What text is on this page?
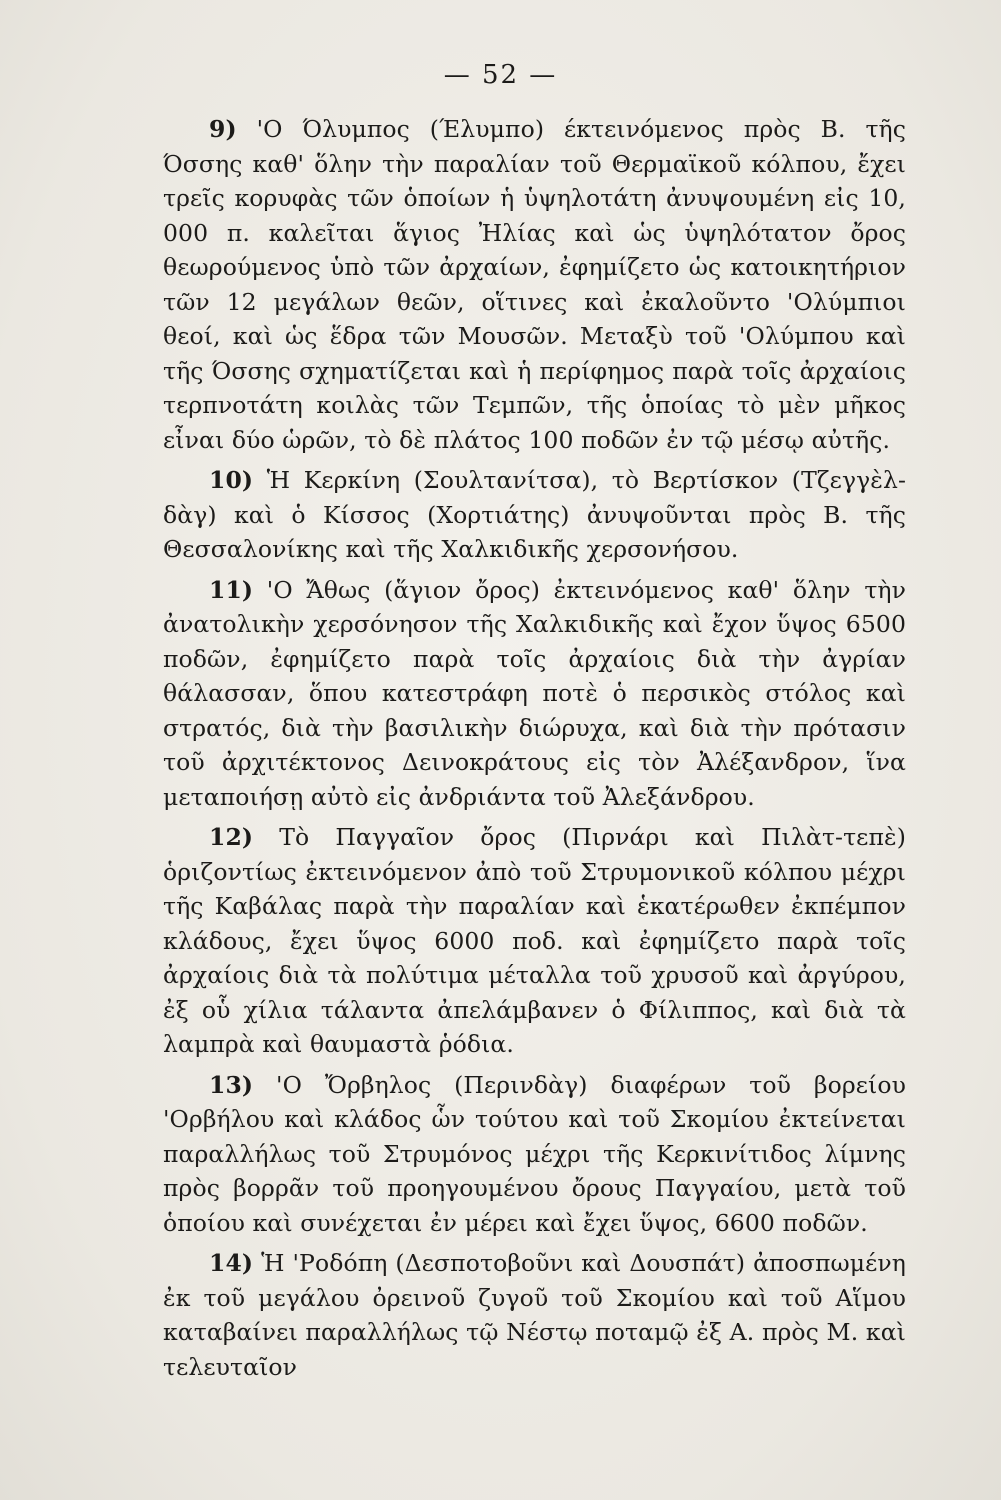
— 52 —

9) 'Ο Όλυμπος (Έλυμπο) έκτεινόμενος πρὸς Β. τῆς Όσσης καθ' ὅλην τὴν παραλίαν τοῦ Θερμαϊκοῦ κόλπου, ἔχει τρεῖς κορυφὰς τῶν ὁποίων ἡ ὑψηλοτάτη ἀνυψουμένη εἰς 10, 000 π. καλεῖται ἅγιος Ἠλίας καὶ ὡς ὑψηλότατον ὄρος θεωρούμενος ὑπὸ τῶν ἀρχαίων, ἐφημίζετο ὡς κατοικητήριον τῶν 12 μεγάλων θεῶν, οἵτινες καὶ ἐκαλοῦντο 'Ολύμπιοι θεοί, καὶ ὡς ἕδρα τῶν Μουσῶν. Μεταξὺ τοῦ 'Ολύμπου καὶ τῆς Όσσης σχηματίζεται καὶ ἡ περίφημος παρὰ τοῖς ἀρχαίοις τερπνοτάτη κοιλὰς τῶν Τεμπῶν, τῆς ὁποίας τὸ μὲν μῆκος εἶναι δύο ὡρῶν, τὸ δὲ πλάτος 100 ποδῶν ἐν τῷ μέσῳ αὐτῆς.

10) Ἡ Κερκίνη (Σουλτανίτσα), τὸ Βερτίσκον (Τζεγγὲλ-δὰγ) καὶ ὁ Κίσσος (Χορτιάτης) ἀνυψοῦνται πρὸς Β. τῆς Θεσσαλονίκης καὶ τῆς Χαλκιδικῆς χερσονήσου.

11) 'Ο Ἄθως (ἅγιον ὄρος) ἐκτεινόμενος καθ' ὅλην τὴν ἀνατολικὴν χερσόνησον τῆς Χαλκιδικῆς καὶ ἔχον ὕψος 6500 ποδῶν, ἐφημίζετο παρὰ τοῖς ἀρχαίοις διὰ τὴν ἀγρίαν θάλασσαν, ὅπου κατεστράφη ποτὲ ὁ περσικὸς στόλος καὶ στρατός, διὰ τὴν βασιλικὴν διώρυχα, καὶ διὰ τὴν πρότασιν τοῦ ἀρχιτέκτονος Δεινοκράτους εἰς τὸν Ἀλέξανδρον, ἵνα μεταποιήσῃ αὐτὸ εἰς ἀνδριάντα τοῦ Ἀλεξάνδρου.

12) Τὸ Παγγαῖον ὄρος (Πιρνάρι καὶ Πιλὰτ-τεπὲ) ὁριζοντίως ἐκτεινόμενον ἀπὸ τοῦ Στρυμονικοῦ κόλπου μέχρι τῆς Καβάλας παρὰ τὴν παραλίαν καὶ ἑκατέρωθεν ἐκπέμπον κλάδους, ἔχει ὕψος 6000 ποδ. καὶ ἐφημίζετο παρὰ τοῖς ἀρχαίοις διὰ τὰ πολύτιμα μέταλλα τοῦ χρυσοῦ καὶ ἀργύρου, ἐξ οὗ χίλια τάλαντα ἀπελάμβανεν ὁ Φίλιππος, καὶ διὰ τὰ λαμπρὰ καὶ θαυμαστὰ ῥόδια.

13) 'Ο Ὄρβηλος (Περινδὰγ) διαφέρων τοῦ βορείου 'Ορβήλου καὶ κλάδος ὧν τούτου καὶ τοῦ Σκομίου ἐκτείνεται παραλλήλως τοῦ Στρυμόνος μέχρι τῆς Κερκινίτιδος λίμνης πρὸς βορρᾶν τοῦ προηγουμένου ὄρους Παγγαίου, μετὰ τοῦ ὁποίου καὶ συνέχεται ἐν μέρει καὶ ἔχει ὕψος, 6600 ποδῶν.

14) Ἡ 'Ροδόπη (Δεσποτοβοῦνι καὶ Δουσπάτ) ἀποσπωμένη ἐκ τοῦ μεγάλου ὀρεινοῦ ζυγοῦ τοῦ Σκομίου καὶ τοῦ Αἵμου καταβαίνει παραλλήλως τῷ Νέστῳ ποταμῷ ἐξ Α. πρὸς Μ. καὶ τελευταῖον
